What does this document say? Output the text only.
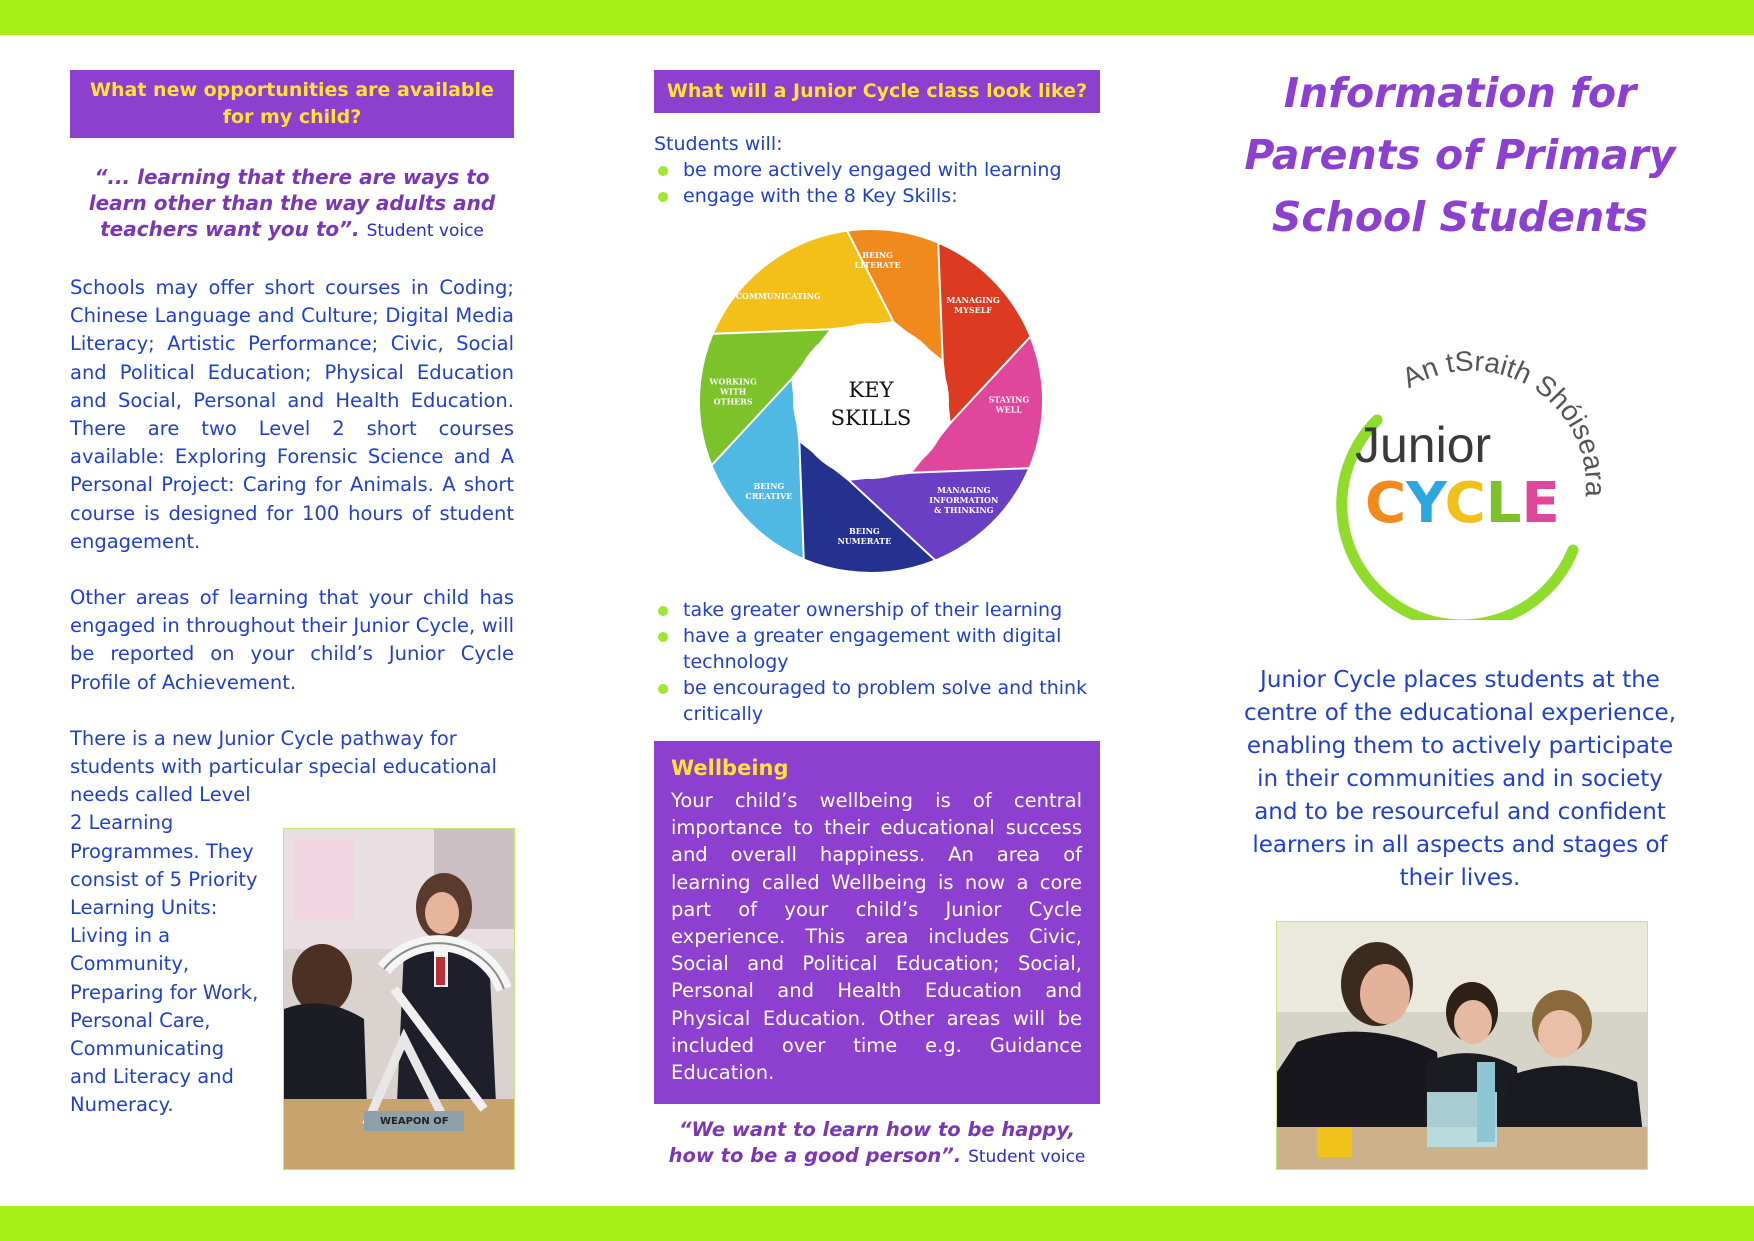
What new opportunities are available for my child?
“... learning that there are ways to learn other than the way adults and teachers want you to”. Student voice

Schools may offer short courses in Coding; Chinese Language and Culture; Digital Media Literacy; Artistic Performance; Civic, Social and Political Education; Physical Education and Social, Personal and Health Education. There are two Level 2 short courses available: Exploring Forensic Science and A Personal Project: Caring for Animals. A short course is designed for 100 hours of student engagement.

Other areas of learning that your child has engaged in throughout their Junior Cycle, will be reported on your child’s Junior Cycle Profile of Achievement.

There is a new Junior Cycle pathway for
students with particular special educational
needs called Level
2 Learning
Programmes. They
consist of 5 Priority
Learning Units:
Living in a
Community,
Preparing for Work,
Personal Care,
Communicating
and Literacy and
Numeracy.
WEAPON OF
What will a Junior Cycle class look like?
Students will:
be more actively engaged with learning
engage with the 8 Key Skills:
BEING LITERATE
MANAGING MYSELF
STAYING WELL
MANAGING INFORMATION & THINKING
BEING NUMERATE
BEING CREATIVE
WORKING WITH OTHERS
COMMUNICATING
KEY SKILLS
take greater ownership of their learning
have a greater engagement with digital technology
be encouraged to problem solve and think critically
Wellbeing

Your child’s wellbeing is of central importance to their educational success and overall happiness. An area of learning called Wellbeing is now a core part of your child’s Junior Cycle experience. This area includes Civic, Social and Political Education; Social, Personal and Health Education and Physical Education. Other areas will be included over time e.g. Guidance Education.

“We want to learn how to be happy, how to be a good person”. Student voice
Information for Parents of Primary School Students
An tSraith Shóise
Junior
CYCLE

Junior Cycle places students at the centre of the educational experience, enabling them to actively participate in their communities and in society and to be resourceful and confident learners in all aspects and stages of their lives.
